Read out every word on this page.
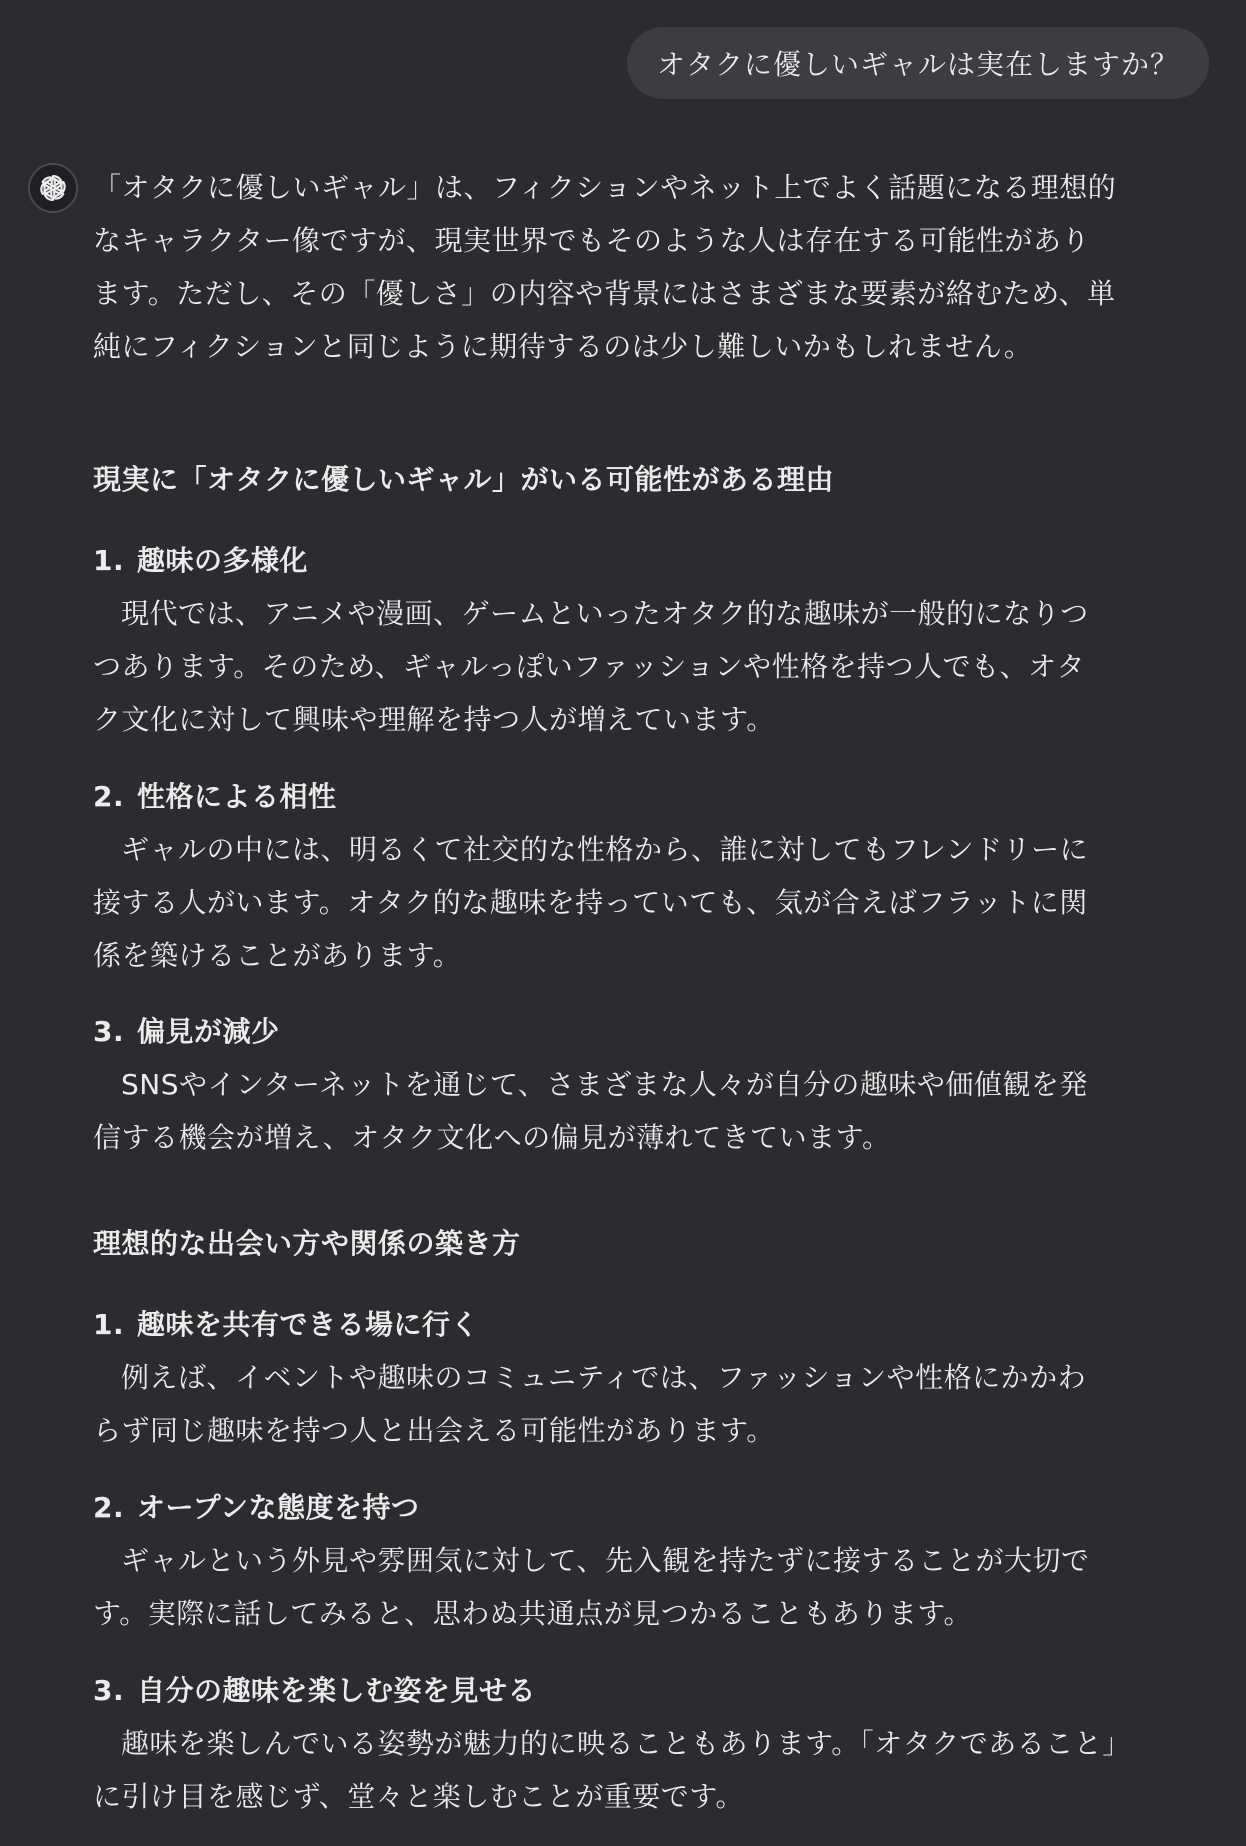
オタクに優しいギャルは実在しますか？

「オタクに優しいギャル」は、フィクションやネット上でよく話題になる理想的

なキャラクター像ですが、現実世界でもそのような人は存在する可能性があり

ます。ただし、その「優しさ」の内容や背景にはさまざまな要素が絡むため、単

純にフィクションと同じように期待するのは少し難しいかもしれません。

現実に「オタクに優しいギャル」がいる可能性がある理由

1. 趣味の多様化

現代では、アニメや漫画、ゲームといったオタク的な趣味が一般的になりつ

つあります。そのため、ギャルっぽいファッションや性格を持つ人でも、オタ

ク文化に対して興味や理解を持つ人が増えています。

2. 性格による相性

ギャルの中には、明るくて社交的な性格から、誰に対してもフレンドリーに

接する人がいます。オタク的な趣味を持っていても、気が合えばフラットに関

係を築けることがあります。

3. 偏見が減少

SNSやインターネットを通じて、さまざまな人々が自分の趣味や価値観を発

信する機会が増え、オタク文化への偏見が薄れてきています。

理想的な出会い方や関係の築き方

1. 趣味を共有できる場に行く

例えば、イベントや趣味のコミュニティでは、ファッションや性格にかかわ

らず同じ趣味を持つ人と出会える可能性があります。

2. オープンな態度を持つ

ギャルという外見や雰囲気に対して、先入観を持たずに接することが大切で

す。実際に話してみると、思わぬ共通点が見つかることもあります。

3. 自分の趣味を楽しむ姿を見せる

趣味を楽しんでいる姿勢が魅力的に映ることもあります。「オタクであること」

に引け目を感じず、堂々と楽しむことが重要です。
